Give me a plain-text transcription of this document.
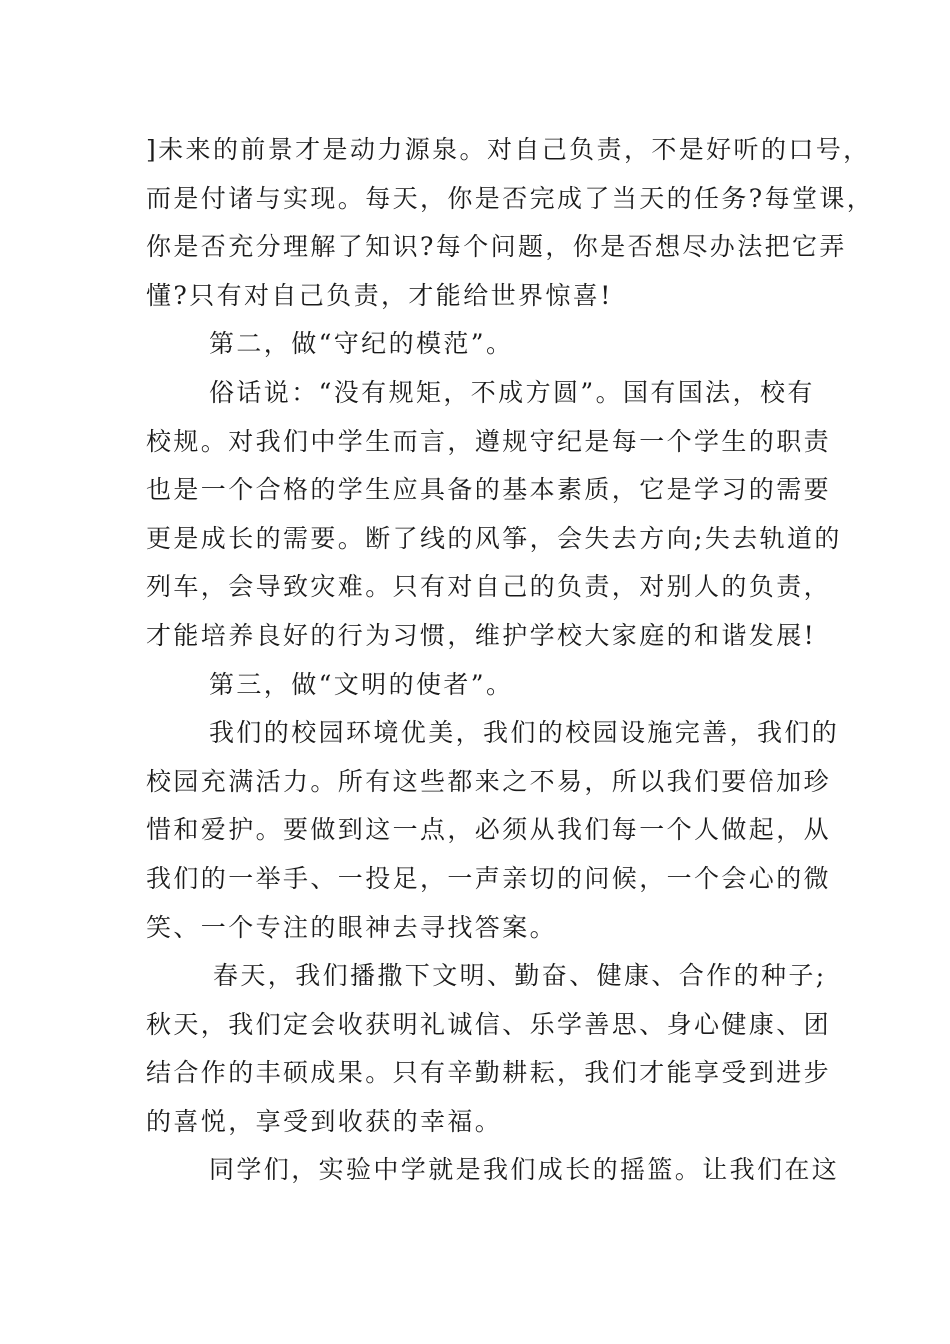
]未来的前景才是动力源泉。对自己负责，不是好听的口号，
而是付诸与实现。每天，你是否完成了当天的任务?每堂课，
你是否充分理解了知识?每个问题，你是否想尽办法把它弄
懂?只有对自己负责，才能给世界惊喜!
第二，做“守纪的模范”。
俗话说：“没有规矩，不成方圆”。国有国法，校有
校规。对我们中学生而言，遵规守纪是每一个学生的职责
也是一个合格的学生应具备的基本素质，它是学习的需要
更是成长的需要。断了线的风筝，会失去方向;失去轨道的
列车，会导致灾难。只有对自己的负责，对别人的负责，
才能培养良好的行为习惯，维护学校大家庭的和谐发展!
第三，做“文明的使者”。
我们的校园环境优美，我们的校园设施完善，我们的
校园充满活力。所有这些都来之不易，所以我们要倍加珍
惜和爱护。要做到这一点，必须从我们每一个人做起，从
我们的一举手、一投足，一声亲切的问候，一个会心的微
笑、一个专注的眼神去寻找答案。
春天，我们播撒下文明、勤奋、健康、合作的种子;
秋天，我们定会收获明礼诚信、乐学善思、身心健康、团
结合作的丰硕成果。只有辛勤耕耘，我们才能享受到进步
的喜悦，享受到收获的幸福。
同学们，实验中学就是我们成长的摇篮。让我们在这
